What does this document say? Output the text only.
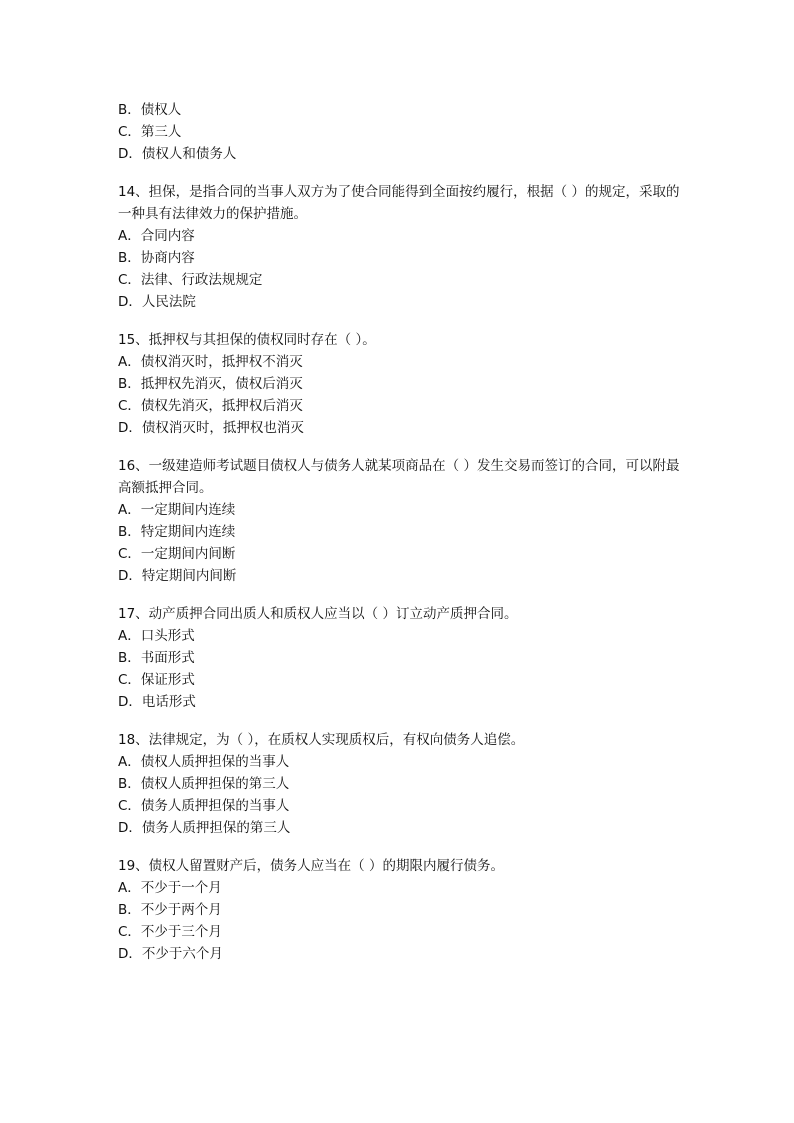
B．债权人
C．第三人
D．债权人和债务人
14、担保，是指合同的当事人双方为了使合同能得到全面按约履行，根据（ ）的规定，采取的一种具有法律效力的保护措施。
A．合同内容
B．协商内容
C．法律、行政法规规定
D．人民法院
15、抵押权与其担保的债权同时存在（ ）。
A．债权消灭时，抵押权不消灭
B．抵押权先消灭，债权后消灭
C．债权先消灭，抵押权后消灭
D．债权消灭时，抵押权也消灭
16、一级建造师考试题目债权人与债务人就某项商品在（ ）发生交易而签订的合同，可以附最高额抵押合同。
A．一定期间内连续
B．特定期间内连续
C．一定期间内间断
D．特定期间内间断
17、动产质押合同出质人和质权人应当以（ ）订立动产质押合同。
A．口头形式
B．书面形式
C．保证形式
D．电话形式
18、法律规定，为（ ），在质权人实现质权后，有权向债务人追偿。
A．债权人质押担保的当事人
B．债权人质押担保的第三人
C．债务人质押担保的当事人
D．债务人质押担保的第三人
19、债权人留置财产后，债务人应当在（ ）的期限内履行债务。
A．不少于一个月
B．不少于两个月
C．不少于三个月
D．不少于六个月
